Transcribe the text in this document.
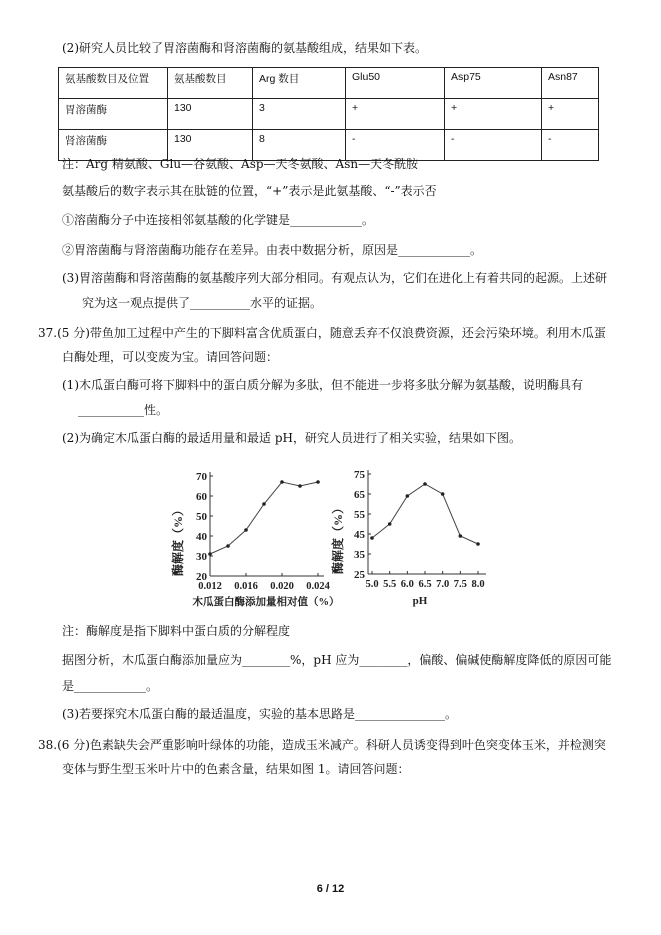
(2)研究人员比较了胃溶菌酶和肾溶菌酶的氨基酸组成，结果如下表。
氨基酸数目及位置	氨基酸数目	Arg 数目	Glu50	Asp75	Asn87
胃溶菌酶	130	3	+	+	+
肾溶菌酶	130	8	-	-	-
注：Arg 精氨酸、Glu—谷氨酸、Asp—天冬氨酸、Asn—天冬酰胺
氨基酸后的数字表示其在肽链的位置，“+”表示是此氨基酸、“-”表示否
①溶菌酶分子中连接相邻氨基酸的化学键是____________。
②胃溶菌酶与肾溶菌酶功能存在差异。由表中数据分析，原因是____________。
(3)胃溶菌酶和肾溶菌酶的氨基酸序列大部分相同。有观点认为，它们在进化上有着共同的起源。上述研
究为这一观点提供了__________水平的证据。
37.(5 分)带鱼加工过程中产生的下脚料富含优质蛋白，随意丢弃不仅浪费资源，还会污染环境。利用木瓜蛋
白酶处理，可以变废为宝。请回答问题：
(1)木瓜蛋白酶可将下脚料中的蛋白质分解为多肽，但不能进一步将多肽分解为氨基酸，说明酶具有
___________性。
(2)为确定木瓜蛋白酶的最适用量和最适 pH，研究人员进行了相关实验，结果如下图。
酶解度（%）
20
30
40
50
60
70
0.012 0.016 0.020 0.024
木瓜蛋白酶添加量相对值（%）
酶解度（%）
25
35
45
55
65
75
5.0 5.5 6.0 6.5 7.0 7.5 8.0
pH
注：酶解度是指下脚料中蛋白质的分解程度
据图分析，木瓜蛋白酶添加量应为________%，pH 应为________，偏酸、偏碱使酶解度降低的原因可能
是____________。
(3)若要探究木瓜蛋白酶的最适温度，实验的基本思路是_______________。
38.(6 分)色素缺失会严重影响叶绿体的功能，造成玉米减产。科研人员诱变得到叶色突变体玉米，并检测突
变体与野生型玉米叶片中的色素含量，结果如图 1。请回答问题：
6 / 12
